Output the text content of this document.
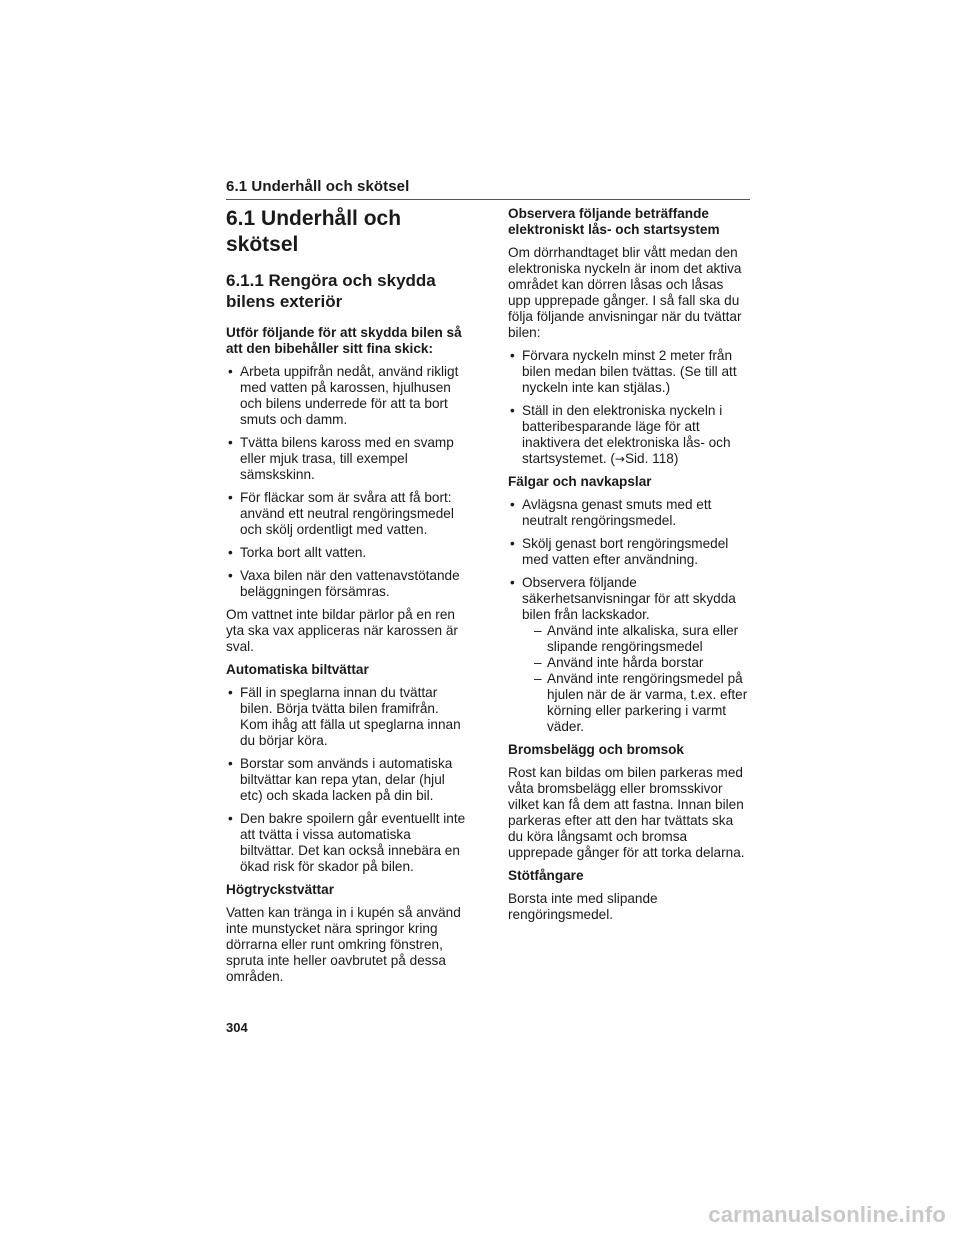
6.1 Underhåll och skötsel
6.1 Underhåll och skötsel
6.1.1 Rengöra och skydda bilens exteriör

Utför följande för att skydda bilen så att den bibehåller sitt fina skick:

• Arbeta uppifrån nedåt, använd rikligt med vatten på karossen, hjulhusen och bilens underrede för att ta bort smuts och damm.
• Tvätta bilens kaross med en svamp eller mjuk trasa, till exempel sämskskinn.
• För fläckar som är svåra att få bort: använd ett neutral rengöringsmedel och skölj ordentligt med vatten.
• Torka bort allt vatten.
• Vaxa bilen när den vattenavstötande beläggningen försämras.

Om vattnet inte bildar pärlor på en ren yta ska vax appliceras när karossen är sval.

Automatiska biltvättar

• Fäll in speglarna innan du tvättar bilen. Börja tvätta bilen framifrån. Kom ihåg att fälla ut speglarna innan du börjar köra.
• Borstar som används i automatiska biltvättar kan repa ytan, delar (hjul etc) och skada lacken på din bil.
• Den bakre spoilern går eventuellt inte att tvätta i vissa automatiska biltvättar. Det kan också innebära en ökad risk för skador på bilen.

Högtryckstvättar

Vatten kan tränga in i kupén så använd inte munstycket nära springor kring dörrarna eller runt omkring fönstren, spruta inte heller oavbrutet på dessa områden.

Observera följande beträffande elektroniskt lås- och startsystem

Om dörrhandtaget blir vått medan den elektroniska nyckeln är inom det aktiva området kan dörren låsas och låsas upp upprepade gånger. I så fall ska du följa följande anvisningar när du tvättar bilen:

• Förvara nyckeln minst 2 meter från bilen medan bilen tvättas. (Se till att nyckeln inte kan stjälas.)
• Ställ in den elektroniska nyckeln i batteribesparande läge för att inaktivera det elektroniska lås- och startsystemet. (→Sid. 118)

Fälgar och navkapslar

• Avlägsna genast smuts med ett neutralt rengöringsmedel.
• Skölj genast bort rengöringsmedel med vatten efter användning.
• Observera följande säkerhetsanvisningar för att skydda bilen från lackskador.
– Använd inte alkaliska, sura eller slipande rengöringsmedel
– Använd inte hårda borstar
– Använd inte rengöringsmedel på hjulen när de är varma, t.ex. efter körning eller parkering i varmt väder.

Bromsbelägg och bromsok

Rost kan bildas om bilen parkeras med våta bromsbelägg eller bromsskivor vilket kan få dem att fastna. Innan bilen parkeras efter att den har tvättats ska du köra långsamt och bromsa upprepade gånger för att torka delarna.

Stötfångare

Borsta inte med slipande rengöringsmedel.

304
carmanualsonline.info
